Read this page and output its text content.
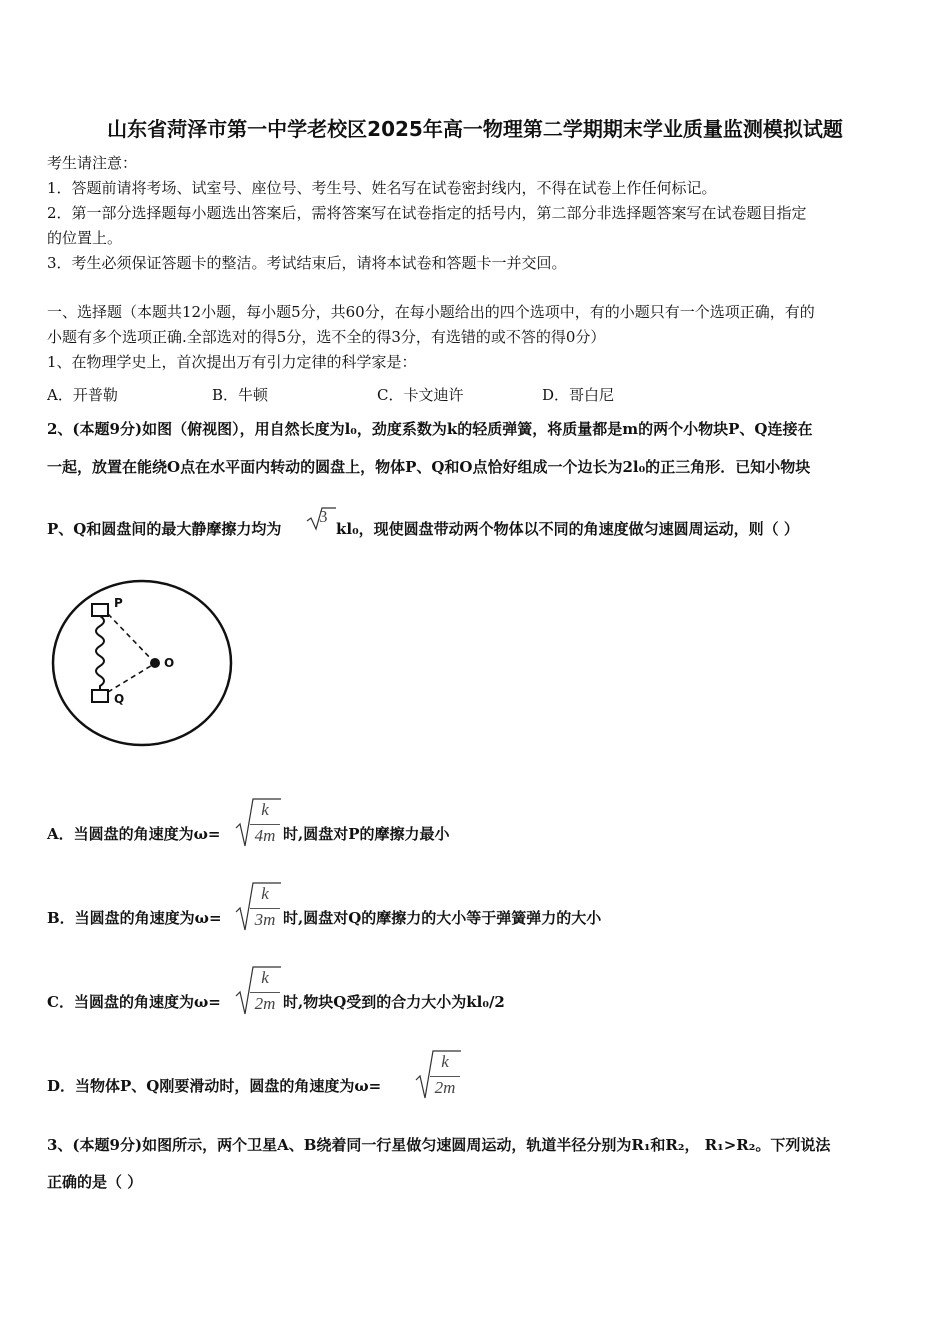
山东省菏泽市第一中学老校区2025年高一物理第二学期期末学业质量监测模拟试题
考生请注意：
1．答题前请将考场、试室号、座位号、考生号、姓名写在试卷密封线内，不得在试卷上作任何标记。
2．第一部分选择题每小题选出答案后，需将答案写在试卷指定的括号内，第二部分非选择题答案写在试卷题目指定
的位置上。
3．考生必须保证答题卡的整洁。考试结束后，请将本试卷和答题卡一并交回。
一、选择题（本题共12小题，每小题5分，共60分，在每小题给出的四个选项中，有的小题只有一个选项正确，有的
小题有多个选项正确.全部选对的得5分，选不全的得3分，有选错的或不答的得0分）
1、在物理学史上，首次提出万有引力定律的科学家是：
A．开普勒	B．牛顿	C．卡文迪许	D．哥白尼
2、(本题9分)如图（俯视图），用自然长度为l₀，劲度系数为k的轻质弹簧，将质量都是m的两个小物块P、Q连接在
一起，放置在能绕O点在水平面内转动的圆盘上，物体P、Q和O点恰好组成一个边长为2l₀的正三角形．已知小物块
P、Q和圆盘间的最大静摩擦力均为
3
kl₀，现使圆盘带动两个物体以不同的角速度做匀速圆周运动，则（ ）
P
Q
O
A．当圆盘的角速度为ω=
k
4m 时,圆盘对P的摩擦力最小
B．当圆盘的角速度为ω=
k
3m 时,圆盘对Q的摩擦力的大小等于弹簧弹力的大小
C．当圆盘的角速度为ω=
k
2m 时,物块Q受到的合力大小为kl₀/2
D．当物体P、Q刚要滑动时，圆盘的角速度为ω=
k
2m
3、(本题9分)如图所示，两个卫星A、B绕着同一行星做匀速圆周运动，轨道半径分别为R₁和R₂， R₁>R₂。下列说法
正确的是（ ）
